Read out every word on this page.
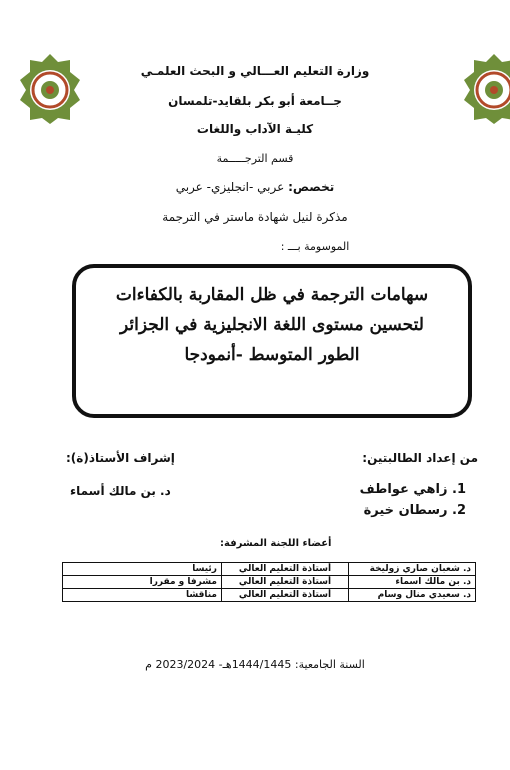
وزارة التعليم العـــالي و البحث العلمـي
جــامعة أبو بكر بلقايد-تلمسان
كليـة الآداب واللغات
قسم الترجـــــمة
تخصص: عربي -انجليزي- عربي
مذكرة لنيل شهادة ماستر في الترجمة
الموسومة بـــ :
سهامات الترجمة في ظل المقاربة بالكفاءات
لتحسين مستوى اللغة الانجليزية في الجزائر
الطور المتوسط -أنمودجا
من إعداد الطالبتين:
1. زاهي عواطف
2. رسطان خيرة
إشراف الأستاذ(ة):
د. بن مالك أسماء
أعضاء اللجنة المشرفة:
د. شعبان صاري زوليخة	أستاذة التعليم العالي	رئيسا
د. بن مالك اسماء	أستاذة التعليم العالي	مشرفا و مقررا
د. سعيدي منال وسام	أستاذة التعليم العالي	مناقشا
السنة الجامعية: 1444/1445هـ- 2023/2024 م
